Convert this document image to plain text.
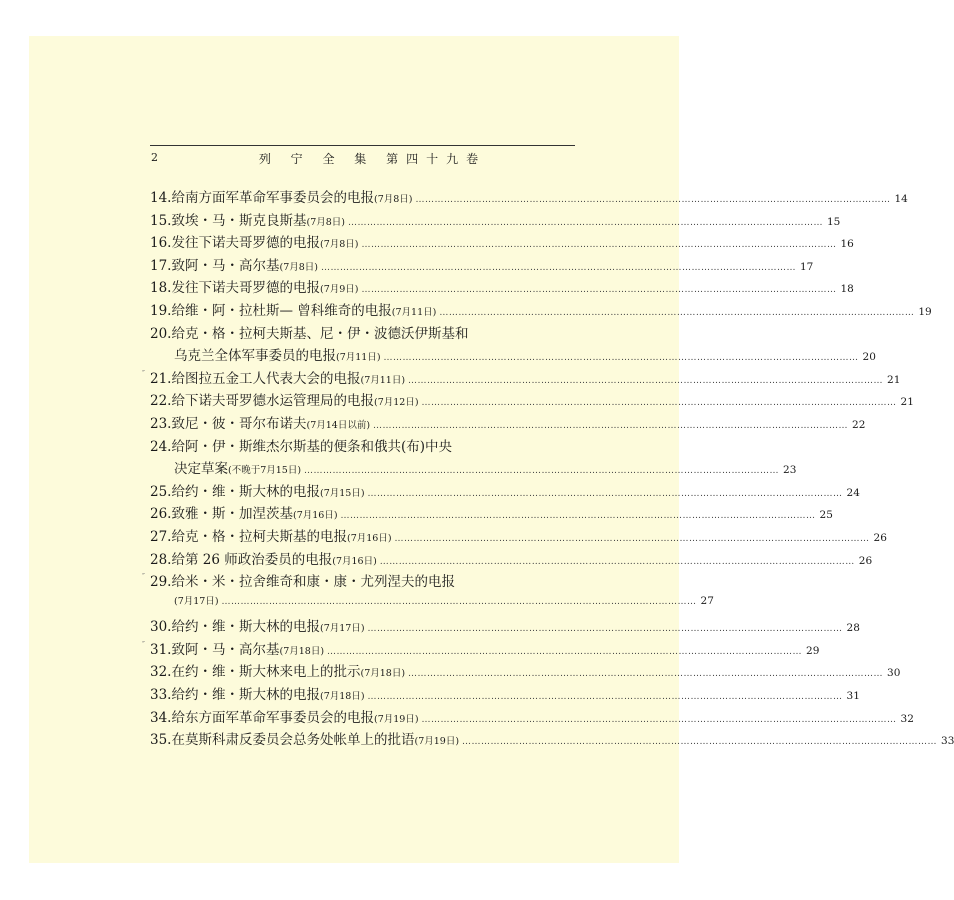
2	列 宁 全 集 第四十九卷
14. 给南方面军革命军事委员会的电报 (7月8日) …………………………………………………………………………………………………………………………………… 14
15. 致埃・马・斯克良斯基 (7月8日) …………………………………………………………………………………………………………………………………… 15
16. 发往下诺夫哥罗德的电报 (7月8日) …………………………………………………………………………………………………………………………………… 16
17. 致阿・马・高尔基 (7月8日) …………………………………………………………………………………………………………………………………… 17
18. 发往下诺夫哥罗德的电报 (7月9日) …………………………………………………………………………………………………………………………………… 18
19. 给维・阿・拉杜斯— 曾科维奇的电报 (7月11日) …………………………………………………………………………………………………………………………………… 19
20. 给克・格・拉柯夫斯基、尼・伊・波德沃伊斯基和
乌克兰全体军事委员的电报 (7月11日) …………………………………………………………………………………………………………………………………… 20
″ 21. 给图拉五金工人代表大会的电报 (7月11日) …………………………………………………………………………………………………………………………………… 21
22. 给下诺夫哥罗德水运管理局的电报 (7月12日) …………………………………………………………………………………………………………………………………… 21
23. 致尼・彼・哥尔布诺夫 (7月14日以前) …………………………………………………………………………………………………………………………………… 22
24. 给阿・伊・斯维杰尔斯基的便条和俄共(布)中央
决定草案 (不晚于7月15日) …………………………………………………………………………………………………………………………………… 23
25. 给约・维・斯大林的电报 (7月15日) …………………………………………………………………………………………………………………………………… 24
26. 致雅・斯・加涅茨基 (7月16日) …………………………………………………………………………………………………………………………………… 25
27. 给克・格・拉柯夫斯基的电报 (7月16日) …………………………………………………………………………………………………………………………………… 26
28. 给第 26 师政治委员的电报 (7月16日) …………………………………………………………………………………………………………………………………… 26
″ 29. 给米・米・拉舍维奇和康・康・尤列涅夫的电报
(7月17日) …………………………………………………………………………………………………………………………………… 27
30. 给约・维・斯大林的电报 (7月17日) …………………………………………………………………………………………………………………………………… 28
″ 31. 致阿・马・高尔基 (7月18日) …………………………………………………………………………………………………………………………………… 29
32. 在约・维・斯大林来电上的批示 (7月18日) …………………………………………………………………………………………………………………………………… 30
33. 给约・维・斯大林的电报 (7月18日) …………………………………………………………………………………………………………………………………… 31
34. 给东方面军革命军事委员会的电报 (7月19日) …………………………………………………………………………………………………………………………………… 32
35. 在莫斯科肃反委员会总务处帐单上的批语 (7月19日) …………………………………………………………………………………………………………………………………… 33
